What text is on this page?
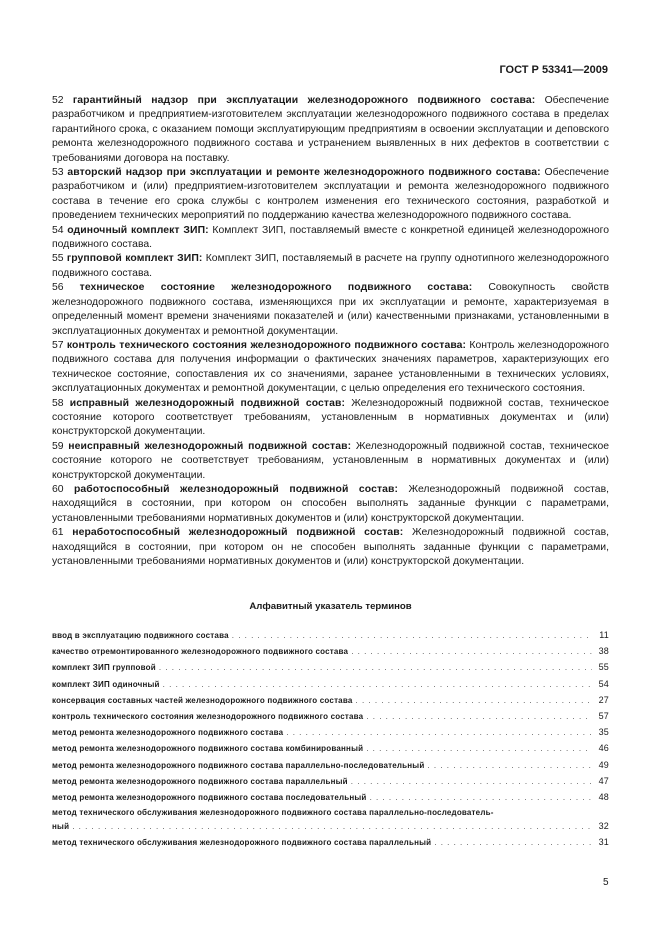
ГОСТ Р 53341—2009

52 гарантийный надзор при эксплуатации железнодорожного подвижного состава: Обеспечение разработчиком и предприятием-изготовителем эксплуатации железнодорожного подвижного состава в пределах гарантийного срока, с оказанием помощи эксплуатирующим предприятиям в освоении эксплуатации и деповского ремонта железнодорожного подвижного состава и устранением выявленных в них дефектов в соответствии с требованиями договора на поставку.

53 авторский надзор при эксплуатации и ремонте железнодорожного подвижного состава: Обеспечение разработчиком и (или) предприятием-изготовителем эксплуатации и ремонта железнодорожного подвижного состава в течение его срока службы с контролем изменения его технического состояния, разработкой и проведением технических мероприятий по поддержанию качества железнодорожного подвижного состава.

54 одиночный комплект ЗИП: Комплект ЗИП, поставляемый вместе с конкретной единицей железнодорожного подвижного состава.

55 групповой комплект ЗИП: Комплект ЗИП, поставляемый в расчете на группу однотипного железнодорожного подвижного состава.

56 техническое состояние железнодорожного подвижного состава: Совокупность свойств железнодорожного подвижного состава, изменяющихся при их эксплуатации и ремонте, характеризуемая в определенный момент времени значениями показателей и (или) качественными признаками, установленными в эксплуатационных документах и ремонтной документации.

57 контроль технического состояния железнодорожного подвижного состава: Контроль железнодорожного подвижного состава для получения информации о фактических значениях параметров, характеризующих его техническое состояние, сопоставления их со значениями, заранее установленными в технических условиях, эксплуатационных документах и ремонтной документации, с целью определения его технического состояния.

58 исправный железнодорожный подвижной состав: Железнодорожный подвижной состав, техническое состояние которого соответствует требованиям, установленным в нормативных документах и (или) конструкторской документации.

59 неисправный железнодорожный подвижной состав: Железнодорожный подвижной состав, техническое состояние которого не соответствует требованиям, установленным в нормативных документах и (или) конструкторской документации.

60 работоспособный железнодорожный подвижной состав: Железнодорожный подвижной состав, находящийся в состоянии, при котором он способен выполнять заданные функции с параметрами, установленными требованиями нормативных документов и (или) конструкторской документации.

61 неработоспособный железнодорожный подвижной состав: Железнодорожный подвижной состав, находящийся в состоянии, при котором он не способен выполнять заданные функции с параметрами, установленными требованиями нормативных документов и (или) конструкторской документации.

Алфавитный указатель терминов
ввод в эксплуатацию подвижного состава . . .	11
качество отремонтированного железнодорожного подвижного состава . . .	38
комплект ЗИП групповой . . .	55
комплект ЗИП одиночный . . .	54
консервация составных частей железнодорожного подвижного состава . . .	27
контроль технического состояния железнодорожного подвижного состава . . .	57
метод ремонта железнодорожного подвижного состава . . .	35
метод ремонта железнодорожного подвижного состава комбинированный . . .	46
метод ремонта железнодорожного подвижного состава параллельно-последовательный . . .	49
метод ремонта железнодорожного подвижного состава параллельный . . .	47
метод ремонта железнодорожного подвижного состава последовательный . . .	48
метод технического обслуживания железнодорожного подвижного состава параллельно-последователь-
ный . . .	32
метод технического обслуживания железнодорожного подвижного состава параллельный . . .	31
5
